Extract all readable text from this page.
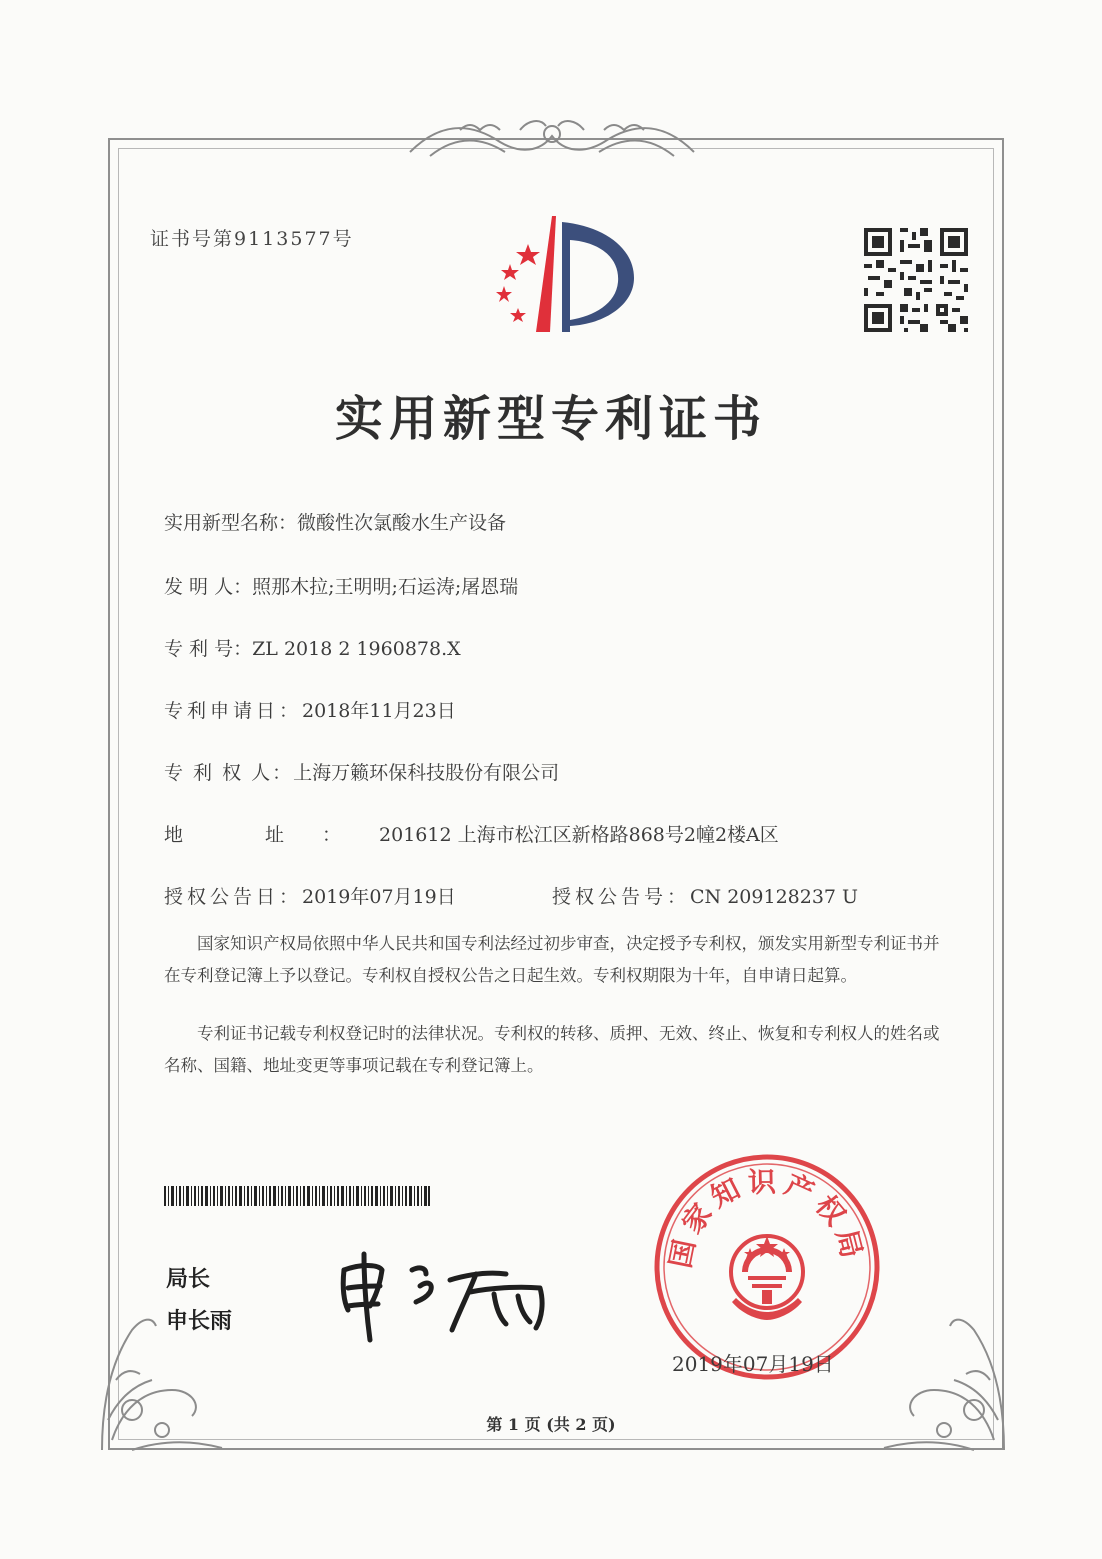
证书号第9113577号
实用新型专利证书
实用新型名称：微酸性次氯酸水生产设备
发 明 人：照那木拉;王明明;石运涛;屠恩瑞
专 利 号：ZL 2018 2 1960878.X
专利申请日：2018年11月23日
专 利 权 人：上海万籁环保科技股份有限公司
地 址：201612 上海市松江区新格路868号2幢2楼A区
授权公告日：2019年07月19日	授权公告号：CN 209128237 U
国家知识产权局依照中华人民共和国专利法经过初步审查，决定授予专利权，颁发实用新型专利证书并在专利登记簿上予以登记。专利权自授权公告之日起生效。专利权期限为十年，自申请日起算。
专利证书记载专利权登记时的法律状况。专利权的转移、质押、无效、终止、恢复和专利权人的姓名或名称、国籍、地址变更等事项记载在专利登记簿上。
局长
申长雨
国家知识产权局
2019年07月19日
第 1 页 (共 2 页)
